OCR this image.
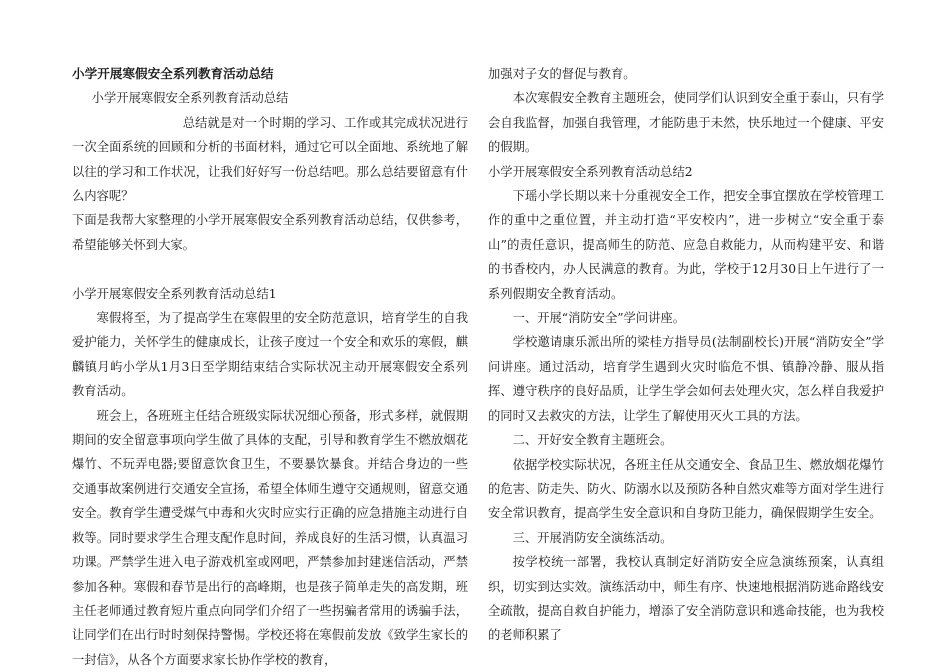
小学开展寒假安全系列教育活动总结

小学开展寒假安全系列教育活动总结

总结就是对一个时期的学习、工作或其完成状况进行一次全面系统的回顾和分析的书面材料，通过它可以全面地、系统地了解以往的学习和工作状况，让我们好好写一份总结吧。那么总结要留意有什么内容呢？

下面是我帮大家整理的小学开展寒假安全系列教育活动总结，仅供参考，希望能够关怀到大家。

小学开展寒假安全系列教育活动总结1

寒假将至，为了提高学生在寒假里的安全防范意识，培育学生的自我爱护能力，关怀学生的健康成长，让孩子度过一个安全和欢乐的寒假，麒麟镇月屿小学从1月3日至学期结束结合实际状况主动开展寒假安全系列教育活动。

班会上，各班班主任结合班级实际状况细心预备，形式多样，就假期期间的安全留意事项向学生做了具体的支配，引导和教育学生不燃放烟花爆竹、不玩弄电器;要留意饮食卫生，不要暴饮暴食。并结合身边的一些交通事故案例进行交通安全宣扬，希望全体师生遵守交通规则，留意交通安全。教育学生遭受煤气中毒和火灾时应实行正确的应急措施主动进行自救等。同时要求学生合理支配作息时间，养成良好的生活习惯，认真温习功课。严禁学生进入电子游戏机室或网吧，严禁参加封建迷信活动，严禁参加各种。寒假和春节是出行的高峰期，也是孩子简单走失的高发期，班主任老师通过教育短片重点向同学们介绍了一些拐骗者常用的诱骗手法，让同学们在出行时时刻保持警惕。学校还将在寒假前发放《致学生家长的一封信》，从各个方面要求家长协作学校的教育，

加强对子女的督促与教育。

本次寒假安全教育主题班会，使同学们认识到安全重于泰山，只有学会自我监督，加强自我管理，才能防患于未然，快乐地过一个健康、平安的假期。

小学开展寒假安全系列教育活动总结2

下瑶小学长期以来十分重视安全工作，把安全事宜摆放在学校管理工作的重中之重位置，并主动打造“平安校内”，进一步树立“安全重于泰山”的责任意识，提高师生的防范、应急自救能力，从而构建平安、和谐的书香校内，办人民满意的教育。为此，学校于12月30日上午进行了一系列假期安全教育活动。

一、开展“消防安全”学问讲座。

学校邀请康乐派出所的梁桂方指导员(法制副校长)开展“消防安全”学问讲座。通过活动，培育学生遇到火灾时临危不惧、镇静冷静、服从指挥、遵守秩序的良好品质，让学生学会如何去处理火灾，怎么样自我爱护的同时又去救灾的方法，让学生了解使用灭火工具的方法。

二、开好安全教育主题班会。

依据学校实际状况，各班主任从交通安全、食品卫生、燃放烟花爆竹的危害、防走失、防火、防溺水以及预防各种自然灾难等方面对学生进行安全常识教育，提高学生安全意识和自身防卫能力，确保假期学生安全。

三、开展消防安全演练活动。

按学校统一部署，我校认真制定好消防安全应急演练预案，认真组织，切实到达实效。演练活动中，师生有序、快速地根据消防逃命路线安全疏散，提高自救自护能力，增添了安全消防意识和逃命技能，也为我校的老师积累了
